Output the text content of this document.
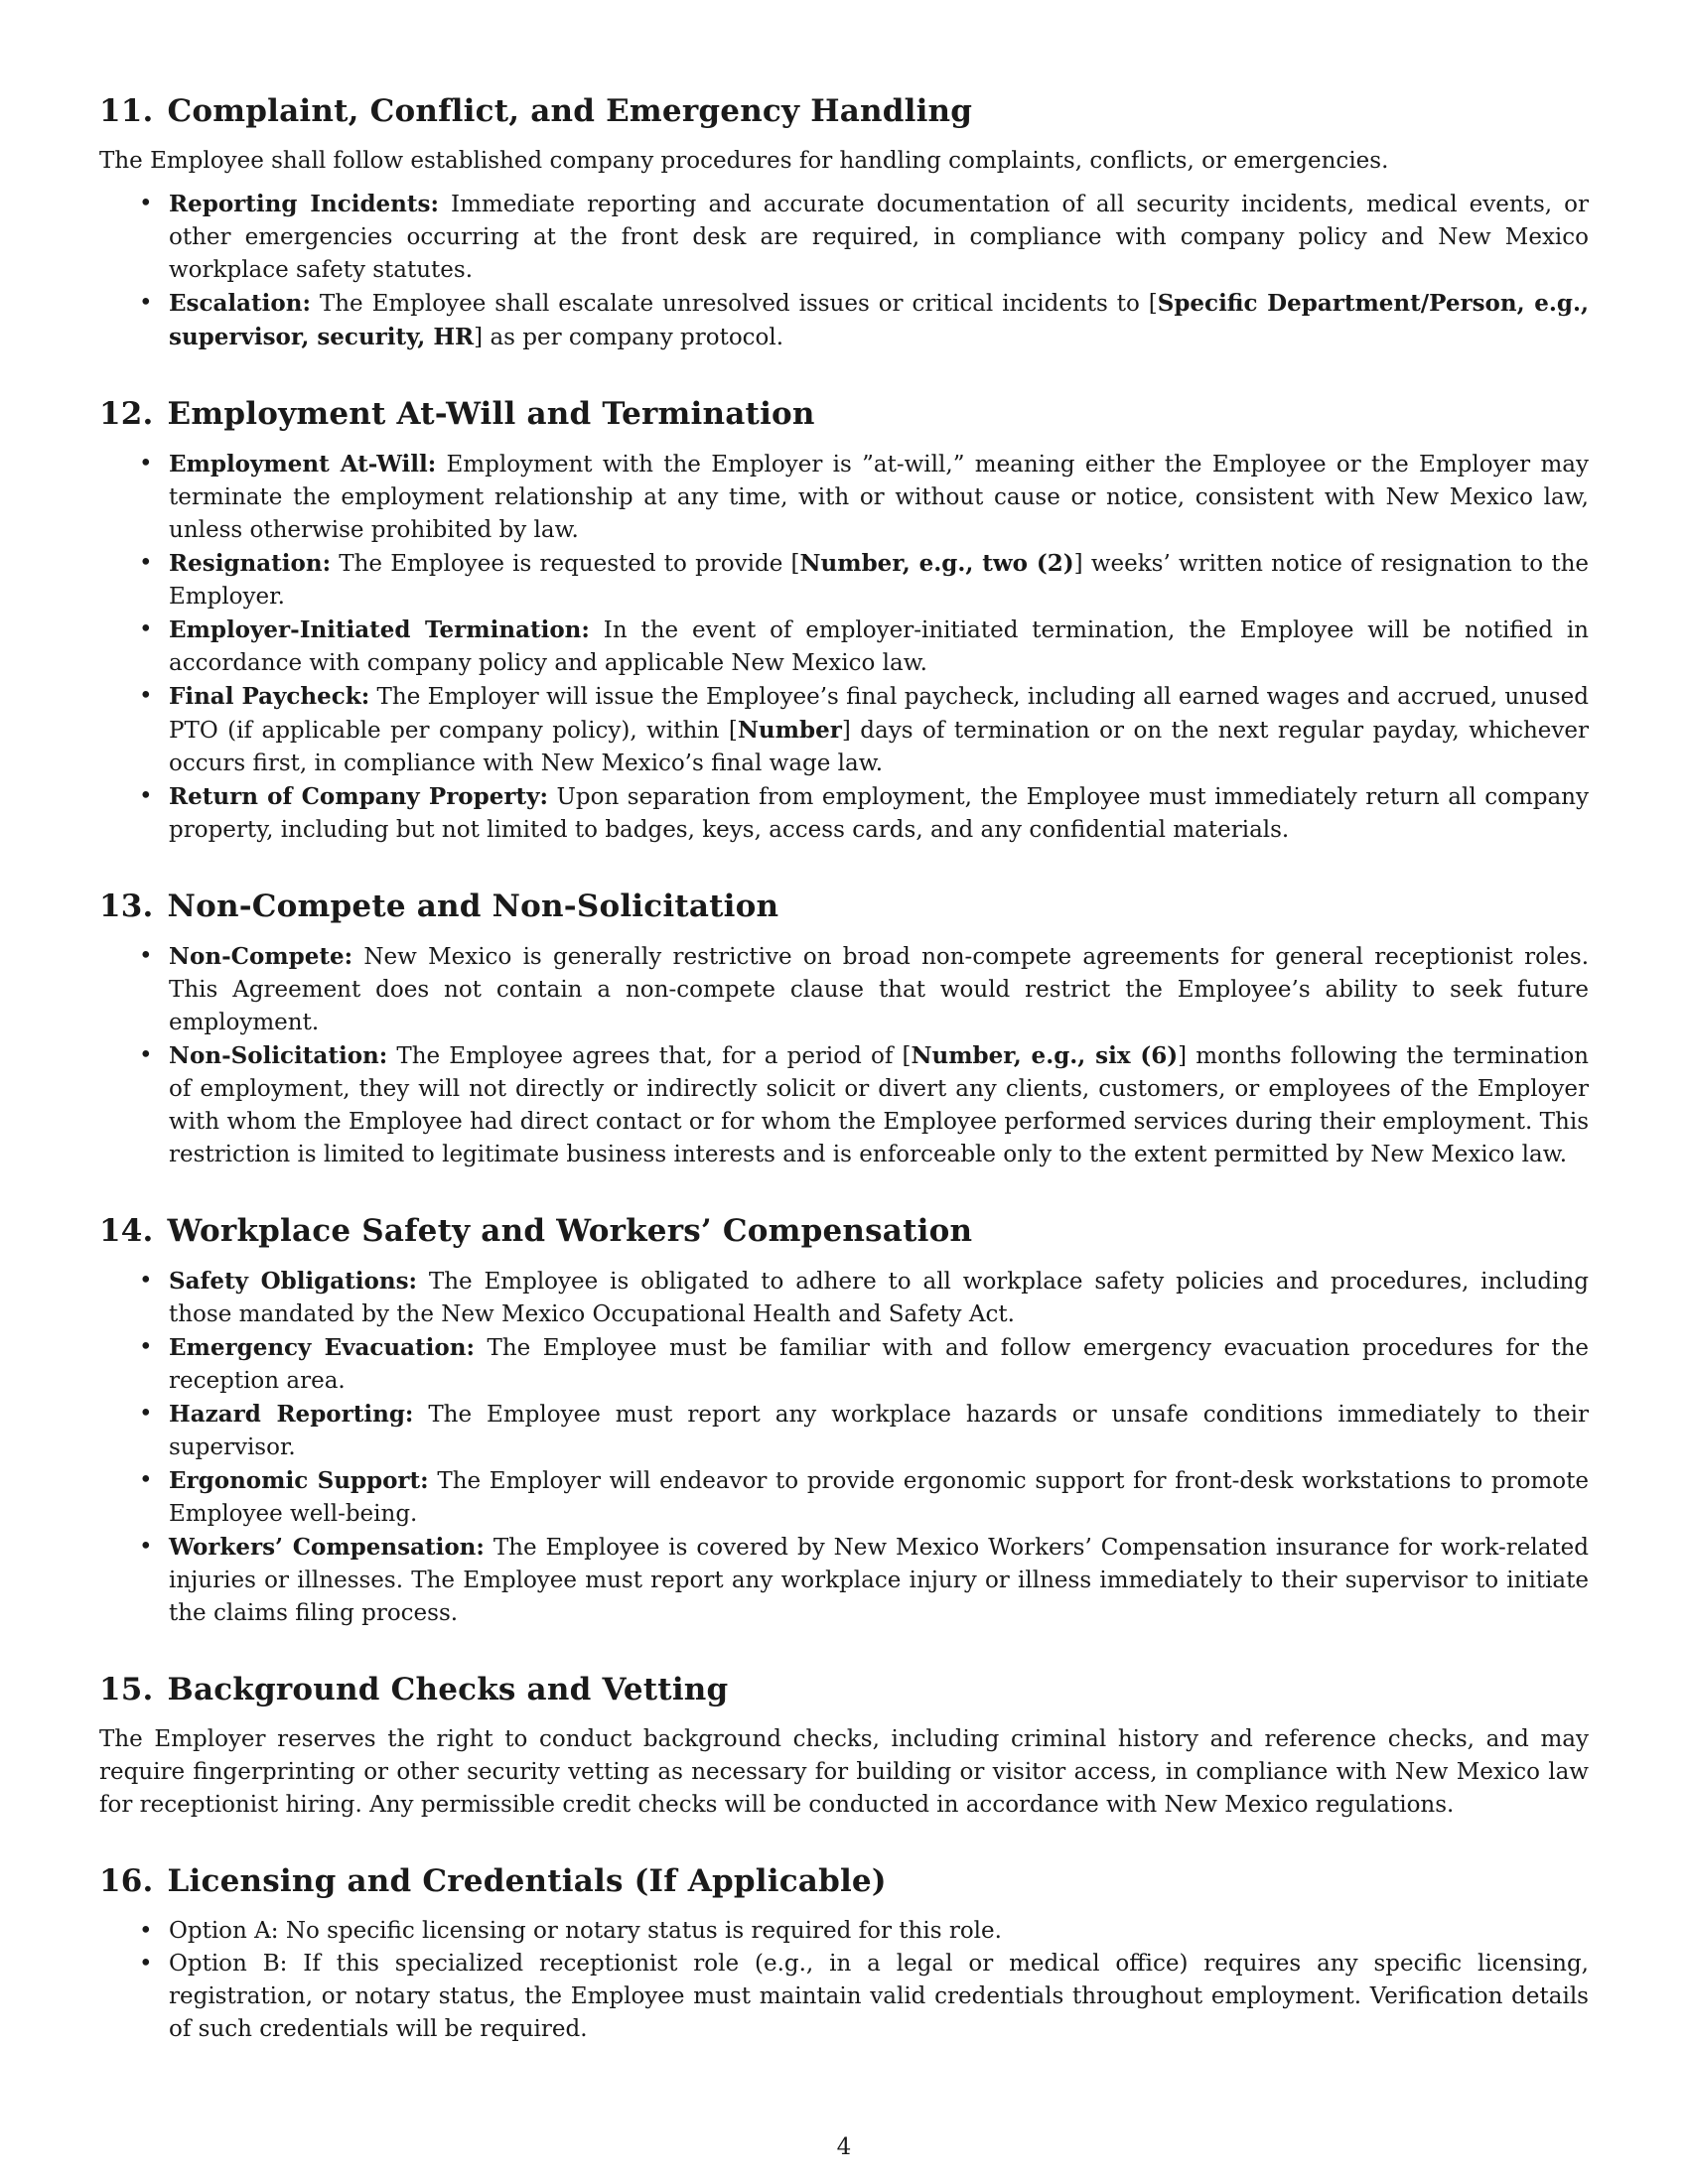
11. Complaint, Conflict, and Emergency Handling

The Employee shall follow established company procedures for handling complaints, conflicts, or emergencies.

• Reporting Incidents: Immediate reporting and accurate documentation of all security incidents, medical events, or other emergencies occurring at the front desk are required, in compliance with company policy and New Mexico workplace safety statutes.
• Escalation: The Employee shall escalate unresolved issues or critical incidents to [Specific Department/Person, e.g., supervisor, security, HR] as per company protocol.
12. Employment At-Will and Termination
• Employment At-Will: Employment with the Employer is ”at-will,” meaning either the Employee or the Employer may terminate the employment relationship at any time, with or without cause or notice, consistent with New Mexico law, unless otherwise prohibited by law.
• Resignation: The Employee is requested to provide [Number, e.g., two (2)] weeks’ written notice of resignation to the Employer.
• Employer-Initiated Termination: In the event of employer-initiated termination, the Employee will be notified in accordance with company policy and applicable New Mexico law.
• Final Paycheck: The Employer will issue the Employee’s final paycheck, including all earned wages and accrued, unused PTO (if applicable per company policy), within [Number] days of termination or on the next regular payday, whichever occurs first, in compliance with New Mexico’s final wage law.
• Return of Company Property: Upon separation from employment, the Employee must immediately return all company property, including but not limited to badges, keys, access cards, and any confidential materials.
13. Non-Compete and Non-Solicitation
• Non-Compete: New Mexico is generally restrictive on broad non-compete agreements for general receptionist roles. This Agreement does not contain a non-compete clause that would restrict the Employee’s ability to seek future employment.
• Non-Solicitation: The Employee agrees that, for a period of [Number, e.g., six (6)] months following the termination of employment, they will not directly or indirectly solicit or divert any clients, customers, or employees of the Employer with whom the Employee had direct contact or for whom the Employee performed services during their employment. This restriction is limited to legitimate business interests and is enforceable only to the extent permitted by New Mexico law.
14. Workplace Safety and Workers’ Compensation
• Safety Obligations: The Employee is obligated to adhere to all workplace safety policies and procedures, including those mandated by the New Mexico Occupational Health and Safety Act.
• Emergency Evacuation: The Employee must be familiar with and follow emergency evacuation procedures for the reception area.
• Hazard Reporting: The Employee must report any workplace hazards or unsafe conditions immediately to their supervisor.
• Ergonomic Support: The Employer will endeavor to provide ergonomic support for front-desk workstations to promote Employee well-being.
• Workers’ Compensation: The Employee is covered by New Mexico Workers’ Compensation insurance for work-related injuries or illnesses. The Employee must report any workplace injury or illness immediately to their supervisor to initiate the claims filing process.
15. Background Checks and Vetting

The Employer reserves the right to conduct background checks, including criminal history and reference checks, and may require fingerprinting or other security vetting as necessary for building or visitor access, in compliance with New Mexico law for receptionist hiring. Any permissible credit checks will be conducted in accordance with New Mexico regulations.

16. Licensing and Credentials (If Applicable)
• Option A: No specific licensing or notary status is required for this role.
• Option B: If this specialized receptionist role (e.g., in a legal or medical office) requires any specific licensing, registration, or notary status, the Employee must maintain valid credentials throughout employment. Verification details of such credentials will be required.
4
